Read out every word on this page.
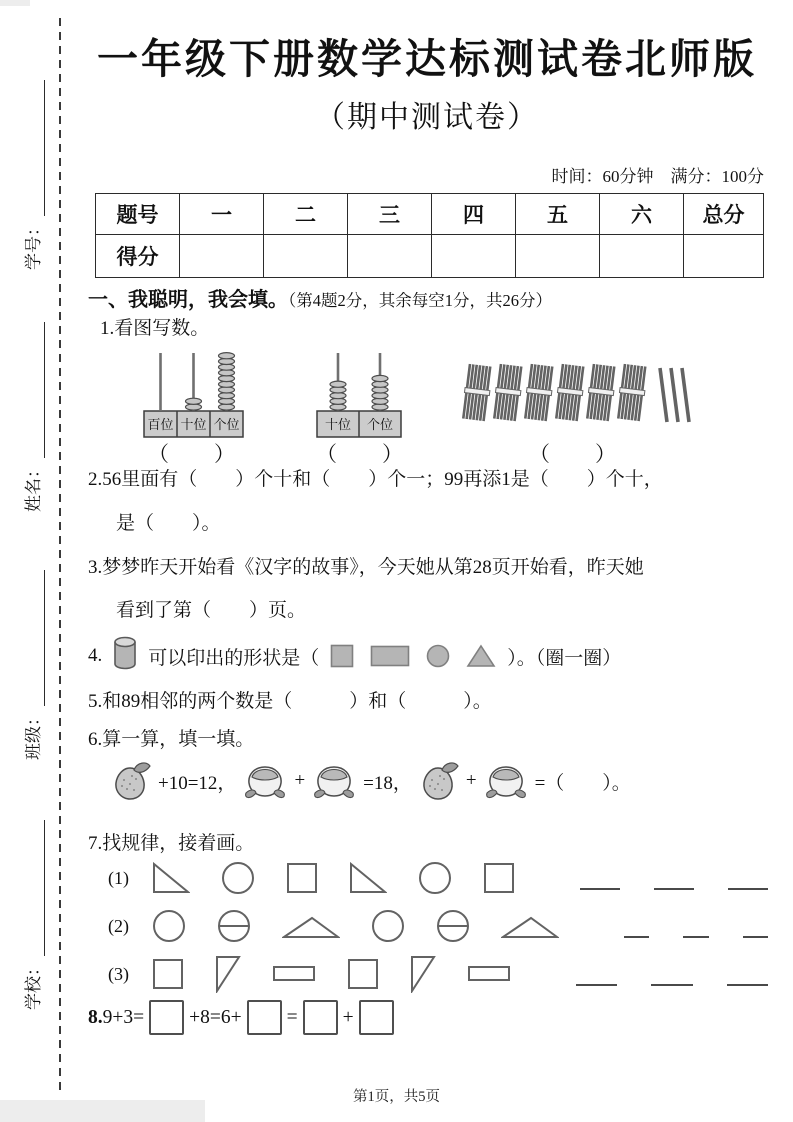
学号：
姓名：
班级：
学校：
一年级下册数学达标测试卷北师版
（期中测试卷）
时间：60分钟　满分：100分
题号	一	二	三	四	五	六	总分
得分							
一、我聪明，我会填。（第4题2分，其余每空1分，共26分）
1.看图写数。
百位 十位 个位
（　　）
十位 个位
（　　）	（　　）
2.56里面有（　　）个十和（　　）个一；99再添1是（　　）个十，
是（　　）。
3.梦梦昨天开始看《汉字的故事》，今天她从第28页开始看，昨天她
看到了第（　　）页。
4. 可以印出的形状是（	）。（圈一圈）
5.和89相邻的两个数是（　　　）和（　　　）。
6.算一算，填一填。
+10=12，	+	=18，	+	=（　　）。
7.找规律，接着画。
(1)
(2)
(3)
8. 9+3= +8=6+ = +
第1页，共5页
